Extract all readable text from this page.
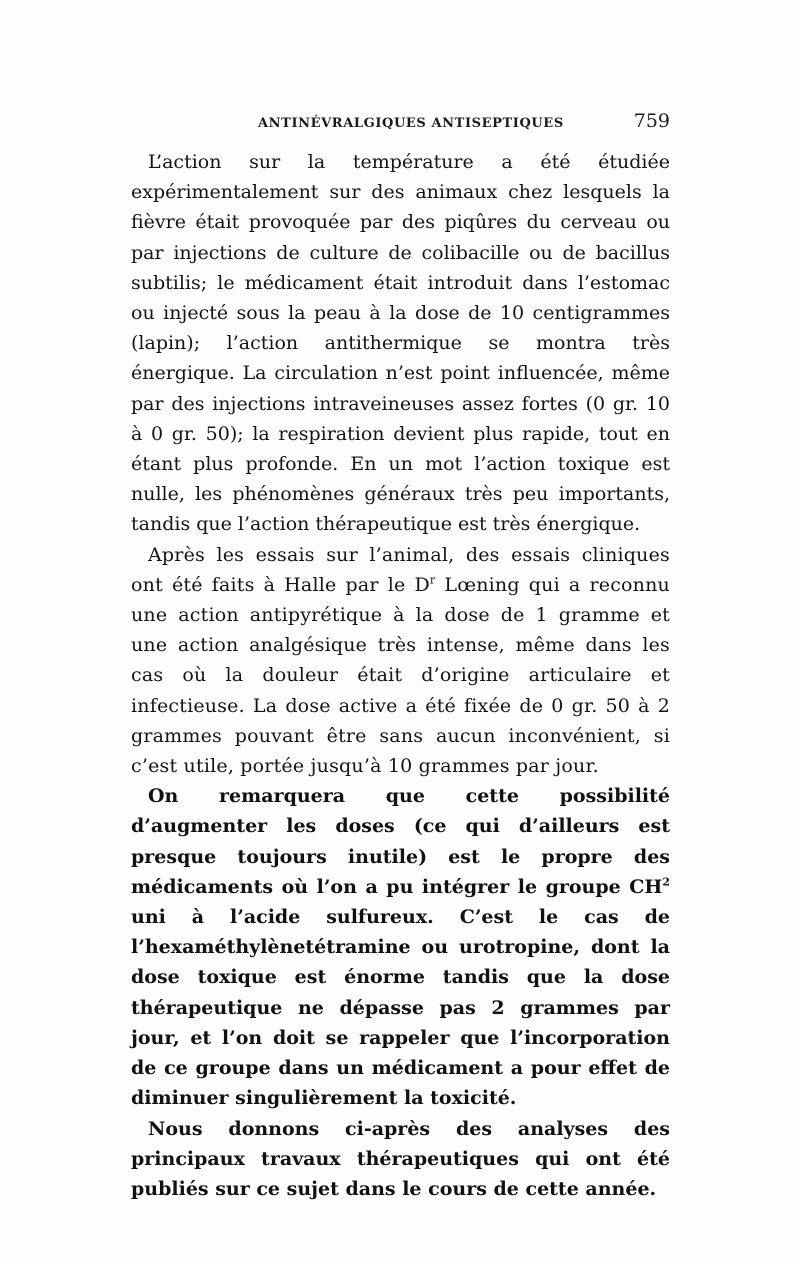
ANTINÉVRALGIQUES ANTISEPTIQUES	759

L’action sur la température a été étudiée expérimentalement sur des animaux chez lesquels la fièvre était provoquée par des piqûres du cerveau ou par injections de culture de colibacille ou de bacillus subtilis; le médicament était introduit dans l’estomac ou injecté sous la peau à la dose de 10 centigrammes (lapin); l’action antithermique se montra très énergique. La circulation n’est point influencée, même par des injections intraveineuses assez fortes (0 gr. 10 à 0 gr. 50); la respiration devient plus rapide, tout en étant plus profonde. En un mot l’action toxique est nulle, les phénomènes généraux très peu importants, tandis que l’action thérapeutique est très énergique.

Après les essais sur l’animal, des essais cliniques ont été faits à Halle par le $D^r$ Lœning qui a reconnu une action antipyrétique à la dose de 1 gramme et une action analgésique très intense, même dans les cas où la douleur était d’origine articulaire et infectieuse. La dose active a été fixée de 0 gr. 50 à 2 grammes pouvant être sans aucun inconvénient, si c’est utile, portée jusqu’à 10 grammes par jour.

On remarquera que cette possibilité d’augmenter les doses (ce qui d’ailleurs est presque toujours inutile) est le propre des médicaments où l’on a pu intégrer le groupe $CH^2$ uni à l’acide sulfureux. C’est le cas de l’hexaméthylènetétramine ou urotropine, dont la dose toxique est énorme tandis que la dose thérapeutique ne dépasse pas 2 grammes par jour, et l’on doit se rappeler que l’incorporation de ce groupe dans un médicament a pour effet de diminuer singulièrement la toxicité.

Nous donnons ci-après des analyses des principaux travaux thérapeutiques qui ont été publiés sur ce sujet dans le cours de cette année.
